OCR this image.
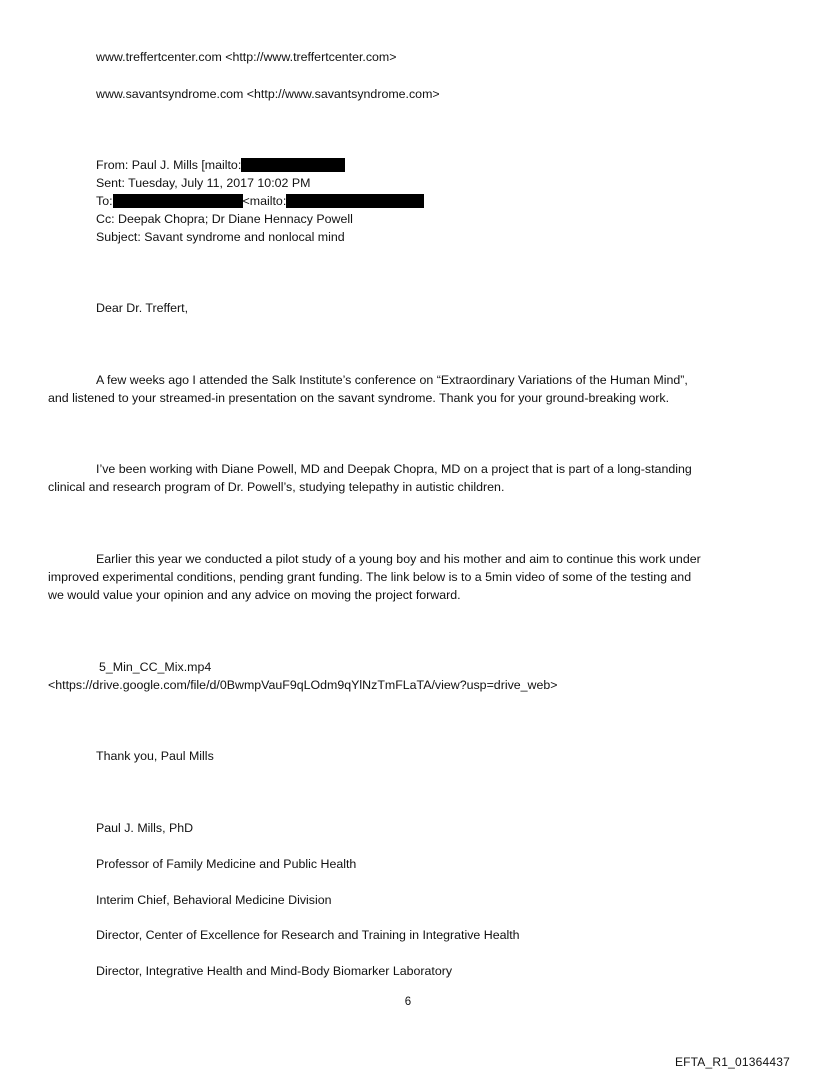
www.treffertcenter.com <http://www.treffertcenter.com>

www.savantsyndrome.com <http://www.savantsyndrome.com>

From: Paul J. Mills [mailto:

Sent: Tuesday, July 11, 2017 10:02 PM

To:	<mailto:

Cc: Deepak Chopra; Dr Diane Hennacy Powell

Subject: Savant syndrome and nonlocal mind

Dear Dr. Treffert,

A few weeks ago I attended the Salk Institute’s conference on “Extraordinary Variations of the Human Mind”,

and listened to your streamed-in presentation on the savant syndrome. Thank you for your ground-breaking work.

I’ve been working with Diane Powell, MD and Deepak Chopra, MD on a project that is part of a long-standing

clinical and research program of Dr. Powell’s, studying telepathy in autistic children.

Earlier this year we conducted a pilot study of a young boy and his mother and aim to continue this work under

improved experimental conditions, pending grant funding. The link below is to a 5min video of some of the testing and

we would value your opinion and any advice on moving the project forward.

5_Min_CC_Mix.mp4

<https://drive.google.com/file/d/0BwmpVauF9qLOdm9qYlNzTmFLaTA/view?usp=drive_web>

Thank you, Paul Mills

Paul J. Mills, PhD

Professor of Family Medicine and Public Health

Interim Chief, Behavioral Medicine Division

Director, Center of Excellence for Research and Training in Integrative Health

Director, Integrative Health and Mind-Body Biomarker Laboratory

6
EFTA_R1_01364437
